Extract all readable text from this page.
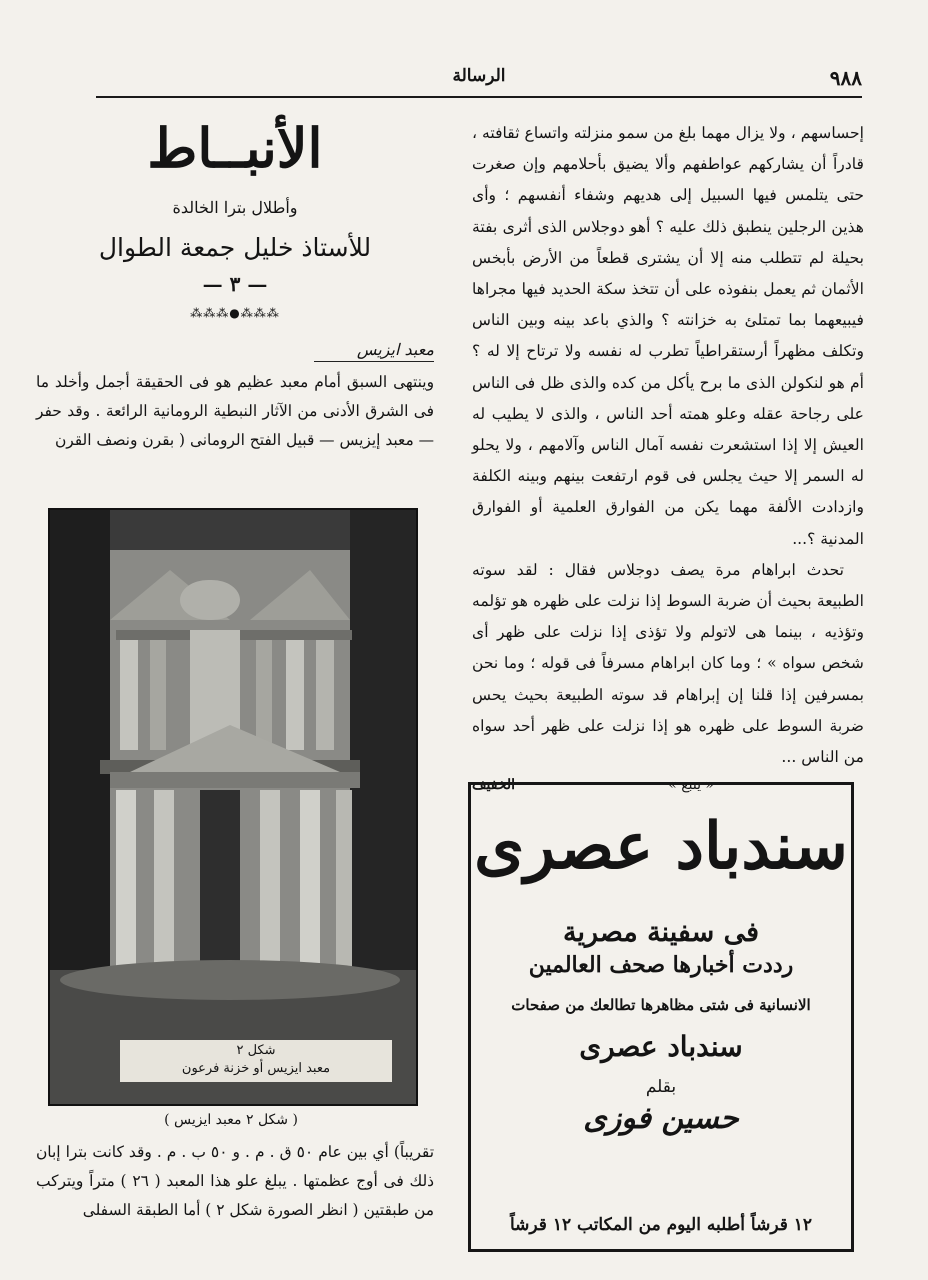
٩٨٨
الرسالة

إحساسهم ، ولا يزال مهما بلغ من سمو منزلته واتساع ثقافته ، قادراً أن يشاركهم عواطفهم وألا يضيق بأحلامهم وإن صغرت حتى يتلمس فيها السبيل إلى هديهم وشفاء أنفسهم ؛ وأى هذين الرجلين ينطبق ذلك عليه ؟ أهو دوجلاس الذى أثرى بفتة بحيلة لم تتطلب منه إلا أن يشترى قطعاً من الأرض بأبخس الأثمان ثم يعمل بنفوذه على أن تتخذ سكة الحديد فيها مجراها فيبيعهما بما تمتلئ به خزانته ؟ والذي باعد بينه وبين الناس وتكلف مظهراً أرستقراطياً تطرب له نفسه ولا ترتاح إلا له ؟ أم هو لنكولن الذى ما برح يأكل من كده والذى ظل فى الناس على رجاحة عقله وعلو همته أحد الناس ، والذى لا يطيب له العيش إلا إذا استشعرت نفسه آمال الناس وآلامهم ، ولا يحلو له السمر إلا حيث يجلس فى قوم ارتفعت بينهم وبينه الكلفة وازدادت الألفة مهما يكن من الفوارق العلمية أو الفوارق المدنية ؟...

تحدث ابراهام مرة يصف دوجلاس فقال : لقد سوته الطبيعة بحيث أن ضربة السوط إذا نزلت على ظهره هو تؤلمه وتؤذيه ، بينما هى لاتولم ولا تؤذى إذا نزلت على ظهر أى شخص سواه » ؛ وما كان ابراهام مسرفاً فى قوله ؛ وما نحن بمسرفين إذا قلنا إن إبراهام قد سوته الطبيعة بحيث يحس ضربة السوط على ظهره هو إذا نزلت على ظهر أحد سواه من الناس ...

« يتبع »
الخفيف
سندباد عصرى
فى سفينة مصرية
رددت أخبارها صحف العالمين
الانسانية فى شتى مظاهرها تطالعك من صفحات
سندباد عصرى
بقلم
حسين فوزى
١٢ قرشاً أطلبه اليوم من المكاتب ١٢ قرشاً
الأنبــاط
وأطلال بترا الخالدة
للأستاذ خليل جمعة الطوال
— ٣ —
⁂⁂⁂●⁂⁂⁂
معبد ايزيس

وينتهى السبق أمام معبد عظيم هو فى الحقيقة أجمل وأخلد ما فى الشرق الأدنى من الآثار النبطية الرومانية الرائعة . وقد حفر — معبد إيزيس — قبيل الفتح الرومانى ( بقرن ونصف القرن

شكل ٢
معبد ايزيس أو خزنة فرعون
( شكل ٢ معبد ايزيس )

تقريباً) أي بين عام ٥٠ ق . م . و ٥٠ ب . م . وقد كانت بترا إبان ذلك فى أوج عظمتها . يبلغ علو هذا المعبد ( ٢٦ ) متراً ويتركب من طبقتين ( انظر الصورة شكل ٢ ) أما الطبقة السفلى
